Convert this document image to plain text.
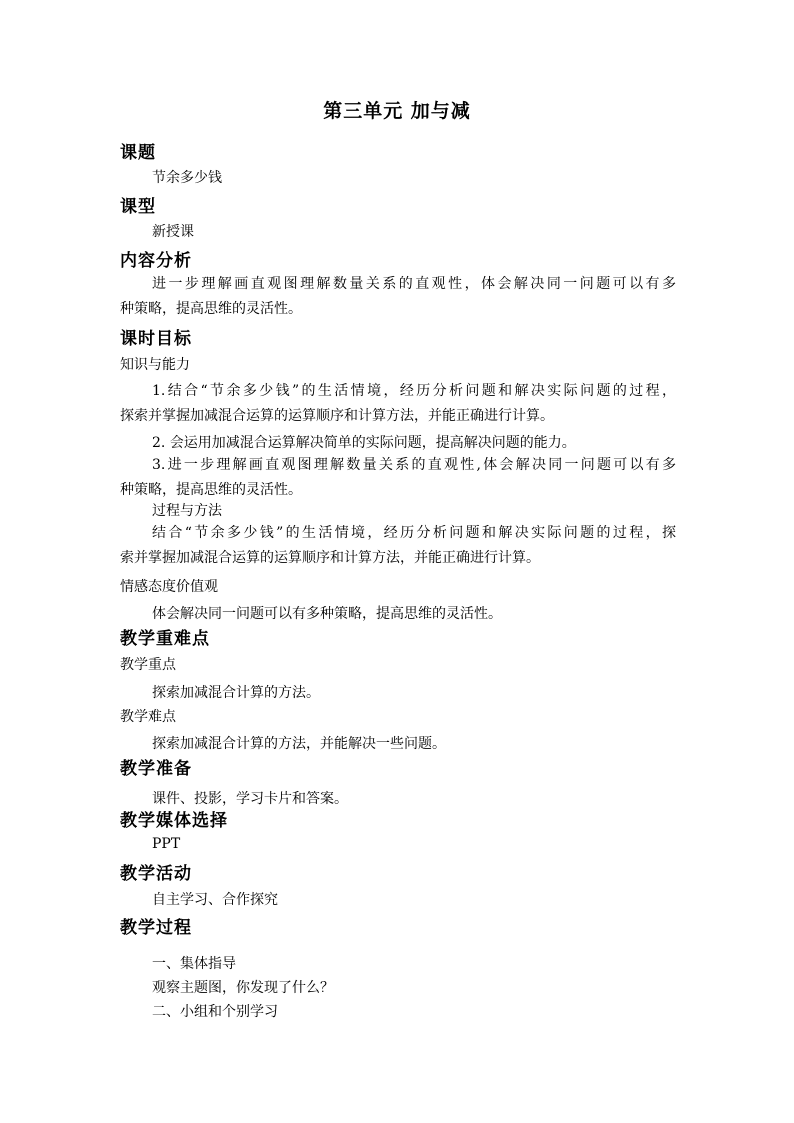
第三单元 加与减
课题
节余多少钱
课型
新授课
内容分析
进一步理解画直观图理解数量关系的直观性，体会解决同一问题可以有多
种策略，提高思维的灵活性。
课时目标
知识与能力
1.结合“节余多少钱”的生活情境，经历分析问题和解决实际问题的过程，
探索并掌握加减混合运算的运算顺序和计算方法，并能正确进行计算。
2. 会运用加减混合运算解决简单的实际问题，提高解决问题的能力。
3.进一步理解画直观图理解数量关系的直观性,体会解决同一问题可以有多
种策略，提高思维的灵活性。
过程与方法
结合“节余多少钱”的生活情境，经历分析问题和解决实际问题的过程，探
索并掌握加减混合运算的运算顺序和计算方法，并能正确进行计算。
情感态度价值观
体会解决同一问题可以有多种策略，提高思维的灵活性。
教学重难点
教学重点
探索加减混合计算的方法。
教学难点
探索加减混合计算的方法，并能解决一些问题。
教学准备
课件、投影，学习卡片和答案。
教学媒体选择
PPT
教学活动
自主学习、合作探究
教学过程
一、集体指导
观察主题图，你发现了什么？
二、小组和个别学习
